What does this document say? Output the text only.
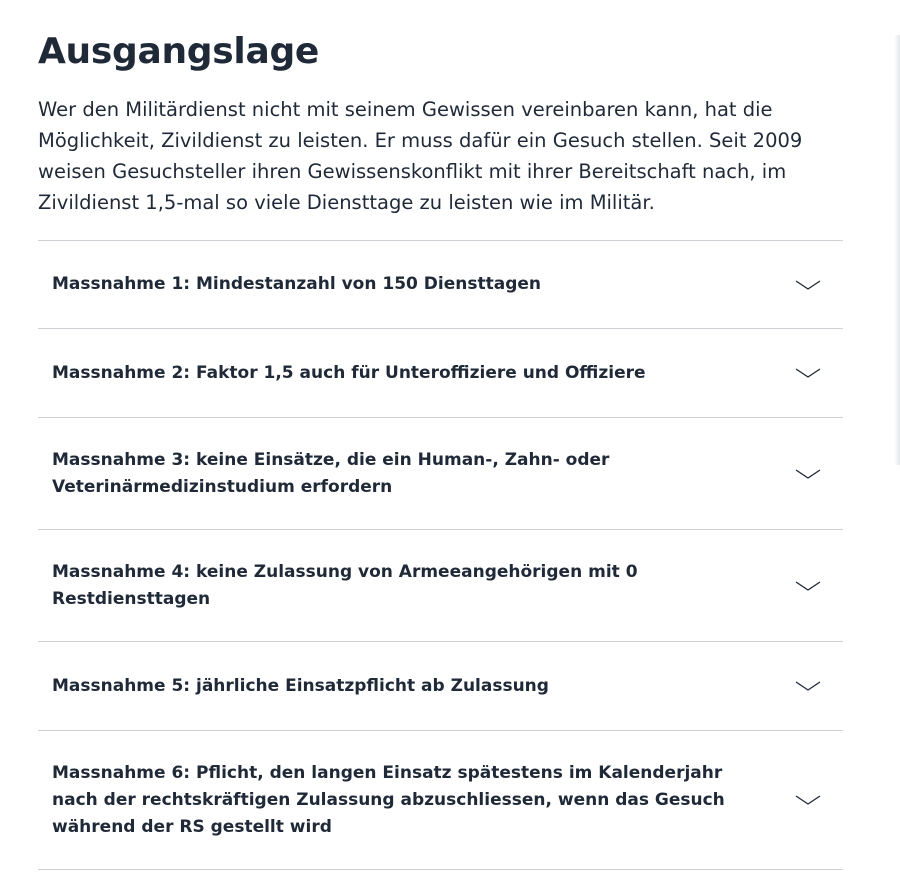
Ausgangslage

Wer den Militärdienst nicht mit seinem Gewissen vereinbaren kann, hat die Möglichkeit, Zivildienst zu leisten. Er muss dafür ein Gesuch stellen. Seit 2009 weisen Gesuchsteller ihren Gewissenskonflikt mit ihrer Bereitschaft nach, im Zivildienst 1,5-mal so viele Diensttage zu leisten wie im Militär.

Massnahme 1: Mindestanzahl von 150 Diensttagen
Massnahme 2: Faktor 1,5 auch für Unteroffiziere und Offiziere
Massnahme 3: keine Einsätze, die ein Human-, Zahn- oder Veterinärmedizinstudium erfordern
Massnahme 4: keine Zulassung von Armeeangehörigen mit 0 Restdiensttagen
Massnahme 5: jährliche Einsatzpflicht ab Zulassung
Massnahme 6: Pflicht, den langen Einsatz spätestens im Kalenderjahr nach der rechtskräftigen Zulassung abzuschliessen, wenn das Gesuch während der RS gestellt wird
